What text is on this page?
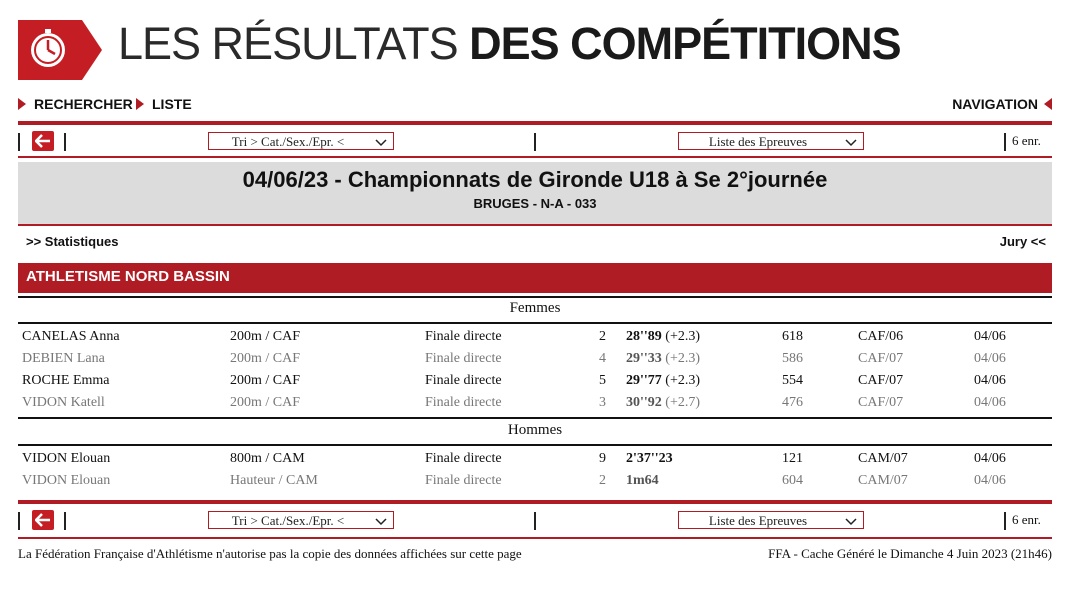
LES RÉSULTATS DES COMPÉTITIONS
RECHERCHER LISTE	NAVIGATION
Tri > Cat./Sex./Epr. <	Liste des Epreuves	6 enr.
04/06/23 - Championnats de Gironde U18 à Se 2°journée
BRUGES - N-A - 033
>> Statistiques	Jury <<
ATHLETISME NORD BASSIN
Femmes
CANELAS Anna	200m / CAF	Finale directe	2 28''89 (+2.3)	618	CAF/06	04/06
DEBIEN Lana	200m / CAF	Finale directe	4 29''33 (+2.3)	586	CAF/07	04/06
ROCHE Emma	200m / CAF	Finale directe	5 29''77 (+2.3)	554	CAF/07	04/06
VIDON Katell	200m / CAF	Finale directe	3 30''92 (+2.7)	476	CAF/07	04/06
Hommes
VIDON Elouan	800m / CAM	Finale directe	9 2'37''23	121	CAM/07	04/06
VIDON Elouan	Hauteur / CAM	Finale directe	2 1m64	604	CAM/07	04/06
Tri > Cat./Sex./Epr. <	Liste des Epreuves	6 enr.
La Fédération Française d'Athlétisme n'autorise pas la copie des données affichées sur cette page	FFA - Cache Généré le Dimanche 4 Juin 2023 (21h46)
